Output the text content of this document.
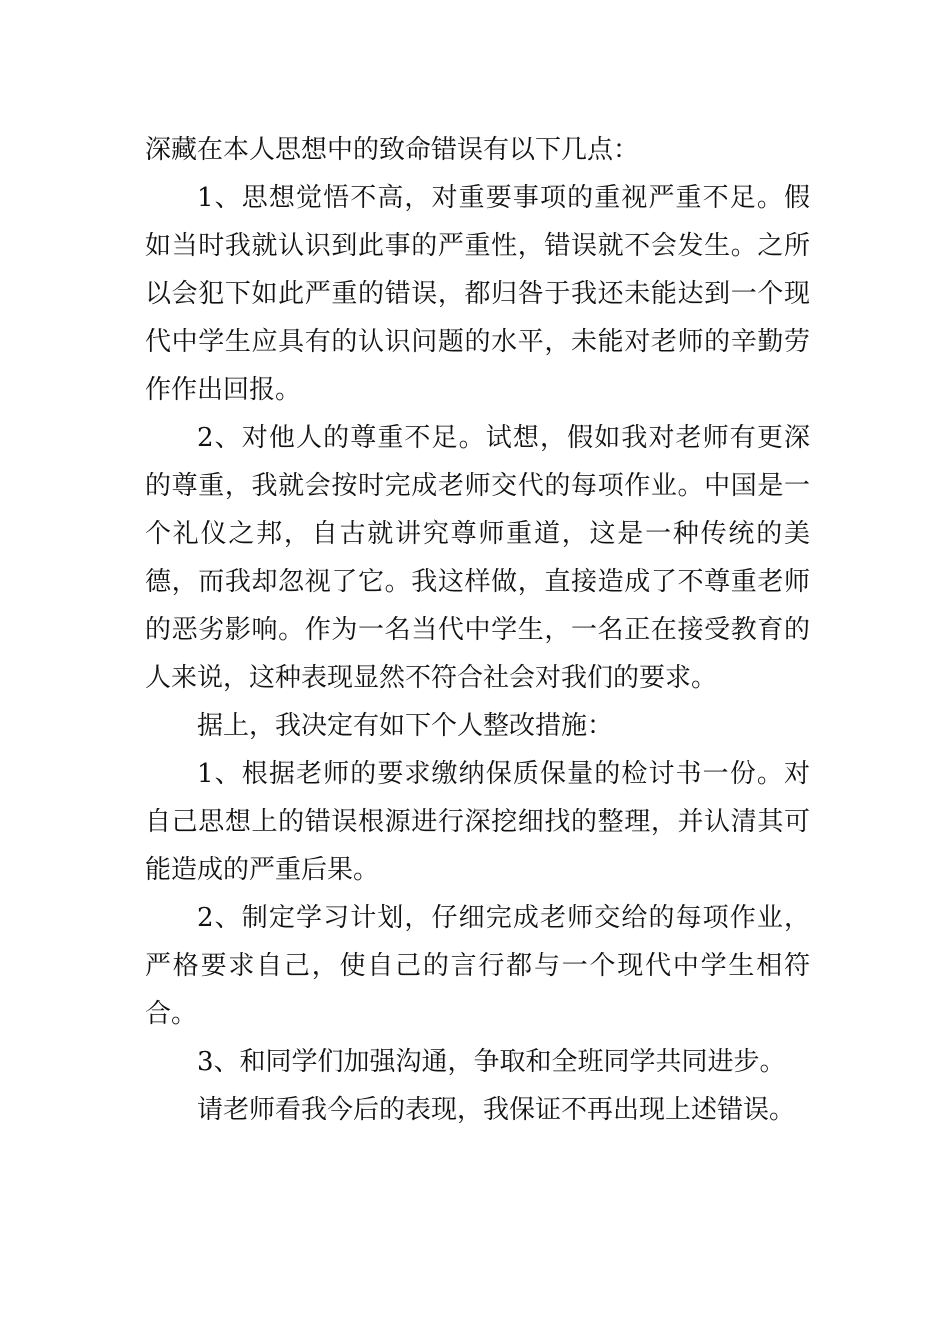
深藏在本人思想中的致命错误有以下几点：

1、思想觉悟不高，对重要事项的重视严重不足。假如当时我就认识到此事的严重性，错误就不会发生。之所以会犯下如此严重的错误，都归咎于我还未能达到一个现代中学生应具有的认识问题的水平，未能对老师的辛勤劳作作出回报。

2、对他人的尊重不足。试想，假如我对老师有更深的尊重，我就会按时完成老师交代的每项作业。中国是一个礼仪之邦，自古就讲究尊师重道，这是一种传统的美德，而我却忽视了它。我这样做，直接造成了不尊重老师的恶劣影响。作为一名当代中学生，一名正在接受教育的人来说，这种表现显然不符合社会对我们的要求。

据上，我决定有如下个人整改措施：

1、根据老师的要求缴纳保质保量的检讨书一份。对自己思想上的错误根源进行深挖细找的整理，并认清其可能造成的严重后果。

2、制定学习计划，仔细完成老师交给的每项作业，严格要求自己，使自己的言行都与一个现代中学生相符合。

3、和同学们加强沟通，争取和全班同学共同进步。

请老师看我今后的表现，我保证不再出现上述错误。
